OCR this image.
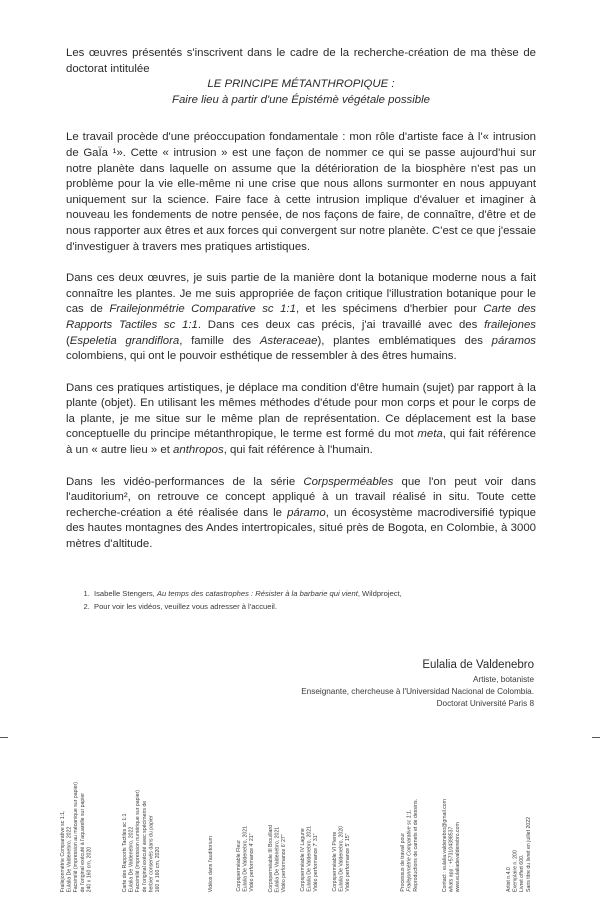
Les œuvres présentés s'inscrivent dans le cadre de la recherche-création de ma thèse de doctorat intitulée

LE PRINCIPE MÉTANTHROPIQUE :
Faire lieu à partir d'une Épistémè végétale possible

Le travail procède d'une préoccupation fondamentale : mon rôle d'artiste face à l'« intrusion de GaÏa ¹». Cette « intrusion » est une façon de nommer ce qui se passe aujourd'hui sur notre planète dans laquelle on assume que la détérioration de la biosphère n'est pas un problème pour la vie elle-même ni une crise que nous allons surmonter en nous appuyant uniquement sur la science. Faire face à cette intrusion implique d'évaluer et imaginer à nouveau les fondements de notre pensée, de nos façons de faire, de connaître, d'être et de nous rapporter aux êtres et aux forces qui convergent sur notre planète. C'est ce que j'essaie d'investiguer à travers mes pratiques artistiques.

Dans ces deux œuvres, je suis partie de la manière dont la botanique moderne nous a fait connaître les plantes. Je me suis appropriée de façon critique l'illustration botanique pour le cas de Frailejonmétrie Comparative sc 1:1, et les spécimens d'herbier pour Carte des Rapports Tactiles sc 1:1. Dans ces deux cas précis, j'ai travaillé avec des frailejones (Espeletia grandiflora, famille des Asteraceae), plantes emblématiques des páramos colombiens, qui ont le pouvoir esthétique de ressembler à des êtres humains.

Dans ces pratiques artistiques, je déplace ma condition d'être humain (sujet) par rapport à la plante (objet). En utilisant les mêmes méthodes d'étude pour mon corps et pour le corps de la plante, je me situe sur le même plan de représentation. Ce déplacement est la base conceptuelle du principe métanthropique, le terme est formé du mot meta, qui fait référence à un « autre lieu » et anthropos, qui fait référence à l'humain.

Dans les vidéo-performances de la série Corpsperméables que l'on peut voir dans l'auditorium², on retrouve ce concept appliqué à un travail réalisé in situ. Toute cette recherche-création a été réalisée dans le páramo, un écosystème macrodiversifié typique des hautes montagnes des Andes intertropicales, situé près de Bogota, en Colombie, à 3000 mètres d'altitude.

1. Isabelle Stengers, Au temps des catastrophes : Résister à la barbarie qui vient, Wildproject,
2. Pour voir les vidéos, veuillez vous adresser à l'accueil.
Eulalia de Valdenebro
Artiste, botaniste
Enseignante, chercheuse à l'Universidad Nacional de Colombia.
Doctorat Université Paris 8
Frailejonmétrie Comparative sc 1:1, Eulalia De Valdenebro, 2022 Facsimilé (impression au mécanique sur papier) de l'original exécuté à l'aquarelle sur papier 240 x 160 cm, 2020	Carte des Rapports Tactiles sc 1:1 Eulalia De Valdenebro, 2022 Facsimilé (impression numérique sur papier) de l'original exécuté avec spécimens de herbier conservés dans du papier 160 x 160 cm, 2020	Vidéos dans l'auditorium	Corpsperméable Fleur Eulalia De Valdenebro, 2021 Vidéo performance 4' 21" Corpsperméable III Brouillard Eulalia De Valdenebro, 2021 Vidéo performance 6' 27" Corpsperméable IV Lagune Eulalia De Valdenebro, 2021 Vidéo performance 7' 31" Corpsperméable VI Pierre Eulalia De Valdenebro, 2020 Vidéo performance 5' 15"	Processus de travail pour Frailejonmétrie Comparative sc 1:1, Reproductions de carnets et de dessins.	Contact : eulalia.valdenebro@gmail.com whats app : +573104398537 www.eulaliadevaldenebro.com	Artist n.4.0 Exemplaire n. 200 Livret offert 600. Sans titre du livret en juillet 2022
